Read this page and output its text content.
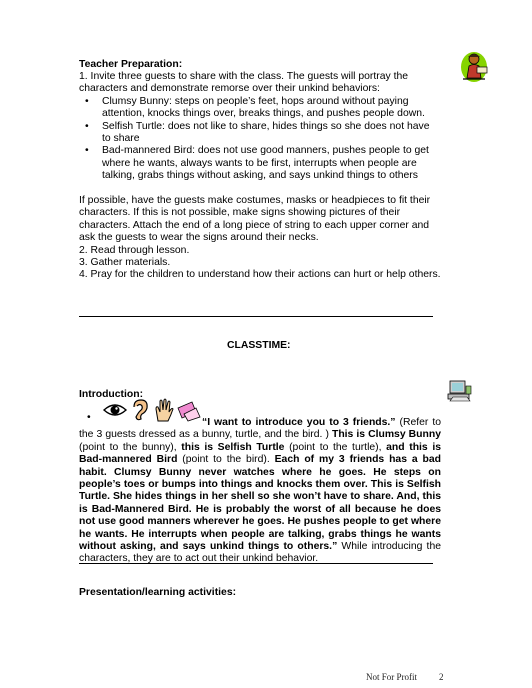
Teacher Preparation:
1. Invite three guests to share with the class. The guests will portray the characters and demonstrate remorse over their unkind behaviors:
• Clumsy Bunny: steps on people’s feet, hops around without paying attention, knocks things over, breaks things, and pushes people down.
• Selfish Turtle: does not like to share, hides things so she does not have to share
• Bad-mannered Bird: does not use good manners, pushes people to get where he wants, always wants to be first, interrupts when people are talking, grabs things without asking, and says unkind things to others
If possible, have the guests make costumes, masks or headpieces to fit their characters. If this is not possible, make signs showing pictures of their characters. Attach the end of a long piece of string to each upper corner and ask the guests to wear the signs around their necks.
2. Read through lesson.
3. Gather materials.
4. Pray for the children to understand how their actions can hurt or help others.
CLASSTIME:
Introduction:
•	“I want to introduce you to 3 friends.” (Refer to the 3 guests dressed as a bunny, turtle, and the bird. ) This is Clumsy Bunny (point to the bunny), this is Selfish Turtle (point to the turtle), and this is Bad-mannered Bird (point to the bird). Each of my 3 friends has a bad habit. Clumsy Bunny never watches where he goes. He steps on people’s toes or bumps into things and knocks them over. This is Selfish Turtle. She hides things in her shell so she won’t have to share. And, this is Bad-Mannered Bird. He is probably the worst of all because he does not use good manners wherever he goes. He pushes people to get where he wants. He interrupts when people are talking, grabs things he wants without asking, and says unkind things to others.” While introducing the characters, they are to act out their unkind behavior.
Presentation/learning activities:
Not For Profit 2
